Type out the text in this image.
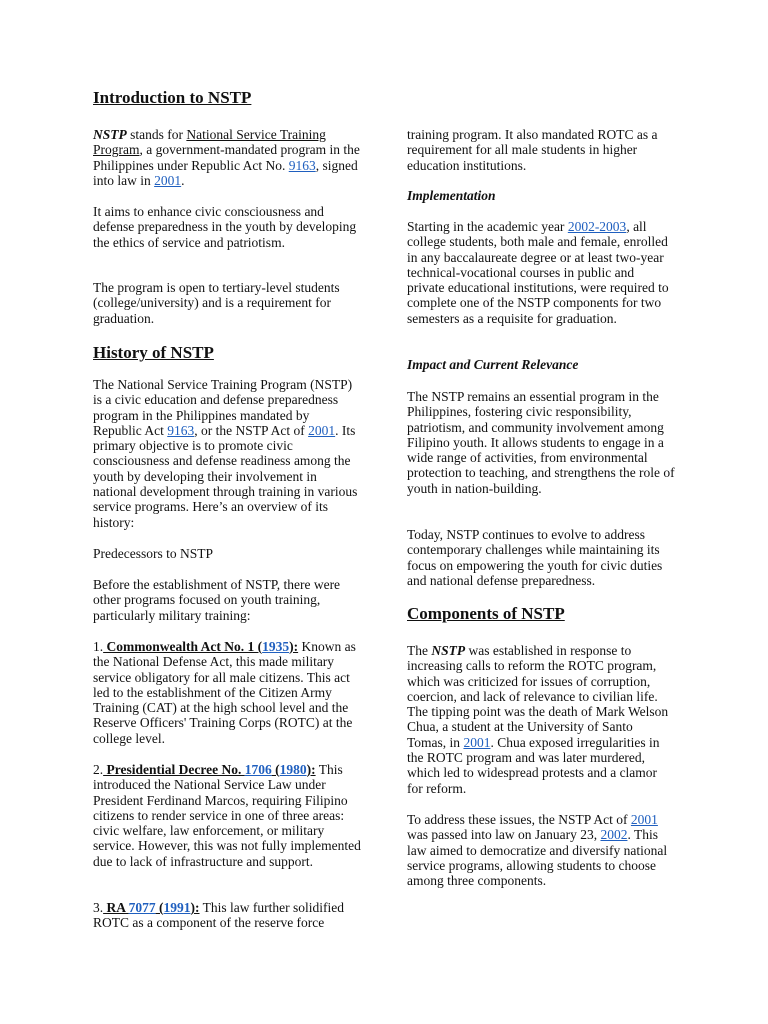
Introduction to NSTP

NSTP stands for National Service Training Program, a government-mandated program in the Philippines under Republic Act No. 9163, signed into law in 2001.

It aims to enhance civic consciousness and defense preparedness in the youth by developing the ethics of service and patriotism.

The program is open to tertiary-level students (college/university) and is a requirement for graduation.

History of NSTP

The National Service Training Program (NSTP) is a civic education and defense preparedness program in the Philippines mandated by Republic Act 9163, or the NSTP Act of 2001. Its primary objective is to promote civic consciousness and defense readiness among the youth by developing their involvement in national development through training in various service programs. Here’s an overview of its history:

Predecessors to NSTP

Before the establishment of NSTP, there were other programs focused on youth training, particularly military training:

1. Commonwealth Act No. 1 (1935): Known as the National Defense Act, this made military service obligatory for all male citizens. This act led to the establishment of the Citizen Army Training (CAT) at the high school level and the Reserve Officers' Training Corps (ROTC) at the college level.

2. Presidential Decree No. 1706 (1980): This introduced the National Service Law under President Ferdinand Marcos, requiring Filipino citizens to render service in one of three areas: civic welfare, law enforcement, or military service. However, this was not fully implemented due to lack of infrastructure and support.

3. RA 7077 (1991): This law further solidified ROTC as a component of the reserve force

training program. It also mandated ROTC as a requirement for all male students in higher education institutions.

Implementation

Starting in the academic year 2002-2003, all college students, both male and female, enrolled in any baccalaureate degree or at least two-year technical-vocational courses in public and private educational institutions, were required to complete one of the NSTP components for two semesters as a requisite for graduation.

Impact and Current Relevance

The NSTP remains an essential program in the Philippines, fostering civic responsibility, patriotism, and community involvement among Filipino youth. It allows students to engage in a wide range of activities, from environmental protection to teaching, and strengthens the role of youth in nation-building.

Today, NSTP continues to evolve to address contemporary challenges while maintaining its focus on empowering the youth for civic duties and national defense preparedness.

Components of NSTP

The NSTP was established in response to increasing calls to reform the ROTC program, which was criticized for issues of corruption, coercion, and lack of relevance to civilian life. The tipping point was the death of Mark Welson Chua, a student at the University of Santo Tomas, in 2001. Chua exposed irregularities in the ROTC program and was later murdered, which led to widespread protests and a clamor for reform.

To address these issues, the NSTP Act of 2001 was passed into law on January 23, 2002. This law aimed to democratize and diversify national service programs, allowing students to choose among three components.
